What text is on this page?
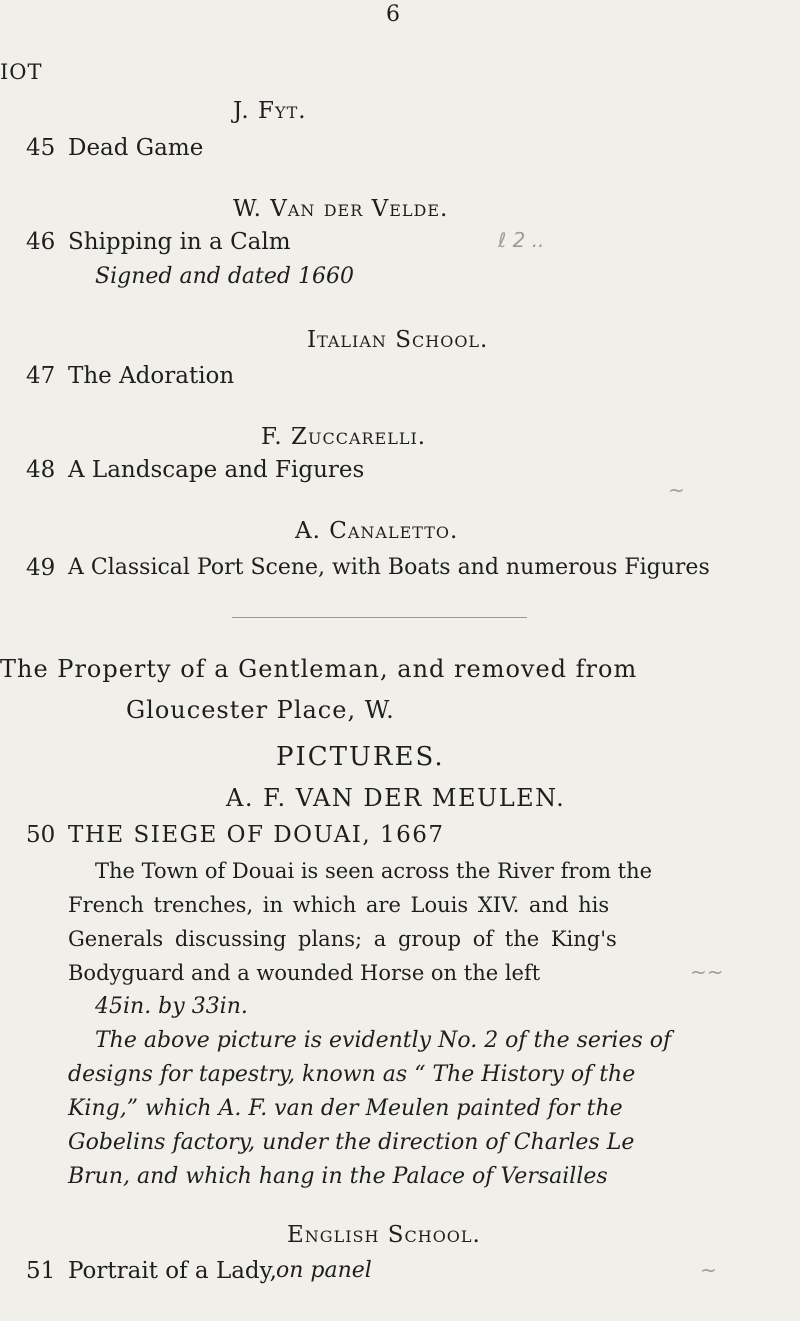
6
IOT
J. Fyt.
45 Dead Game
W. Van der Velde.
46 Shipping in a Calm
Signed and dated 1660
Italian School.
47 The Adoration
F. Zuccarelli.
48 A Landscape and Figures
A. Canaletto.
49 A Classical Port Scene, with Boats and numerous Figures
The Property of a Gentleman, and removed from
Gloucester Place, W.
PICTURES.
A. F. VAN DER MEULEN.
50 THE SIEGE OF DOUAI, 1667
The Town of Douai is seen across the River from the
French trenches, in which are Louis XIV. and his
Generals discussing plans; a group of the King's
Bodyguard and a wounded Horse on the left
45in. by 33in.
The above picture is evidently No. 2 of the series of
designs for tapestry, known as “ The History of the
King,” which A. F. van der Meulen painted for the
Gobelins factory, under the direction of Charles Le
Brun, and which hang in the Palace of Versailles
English School.
51 Portrait of a Lady, on panel
ℓ 2 ..
~
~~
~
